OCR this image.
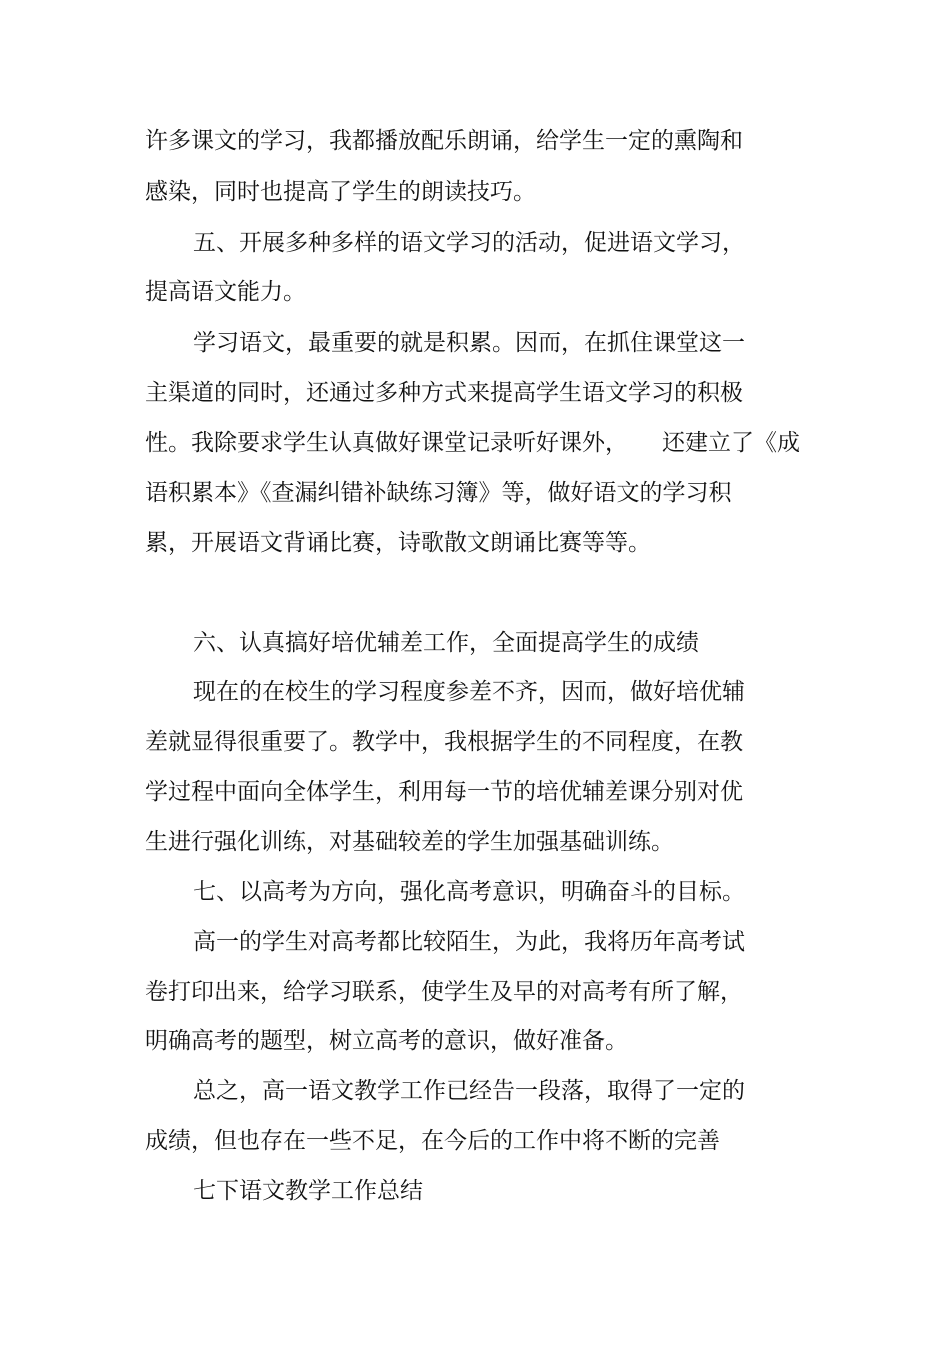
许多课文的学习，我都播放配乐朗诵，给学生一定的熏陶和
感染，同时也提高了学生的朗读技巧。
五、开展多种多样的语文学习的活动，促进语文学习，
提高语文能力。
学习语文，最重要的就是积累。因而，在抓住课堂这一
主渠道的同时，还通过多种方式来提高学生语文学习的积极
性。我除要求学生认真做好课堂记录听好课外， 还建立了《成
语积累本》《查漏纠错补缺练习簿》等，做好语文的学习积
累，开展语文背诵比赛，诗歌散文朗诵比赛等等。
六、认真搞好培优辅差工作，全面提高学生的成绩
现在的在校生的学习程度参差不齐，因而，做好培优辅
差就显得很重要了。教学中，我根据学生的不同程度，在教
学过程中面向全体学生，利用每一节的培优辅差课分别对优
生进行强化训练，对基础较差的学生加强基础训练。
七、以高考为方向，强化高考意识，明确奋斗的目标。
高一的学生对高考都比较陌生，为此，我将历年高考试
卷打印出来，给学习联系，使学生及早的对高考有所了解，
明确高考的题型，树立高考的意识，做好准备。
总之，高一语文教学工作已经告一段落，取得了一定的
成绩，但也存在一些不足，在今后的工作中将不断的完善
七下语文教学工作总结
